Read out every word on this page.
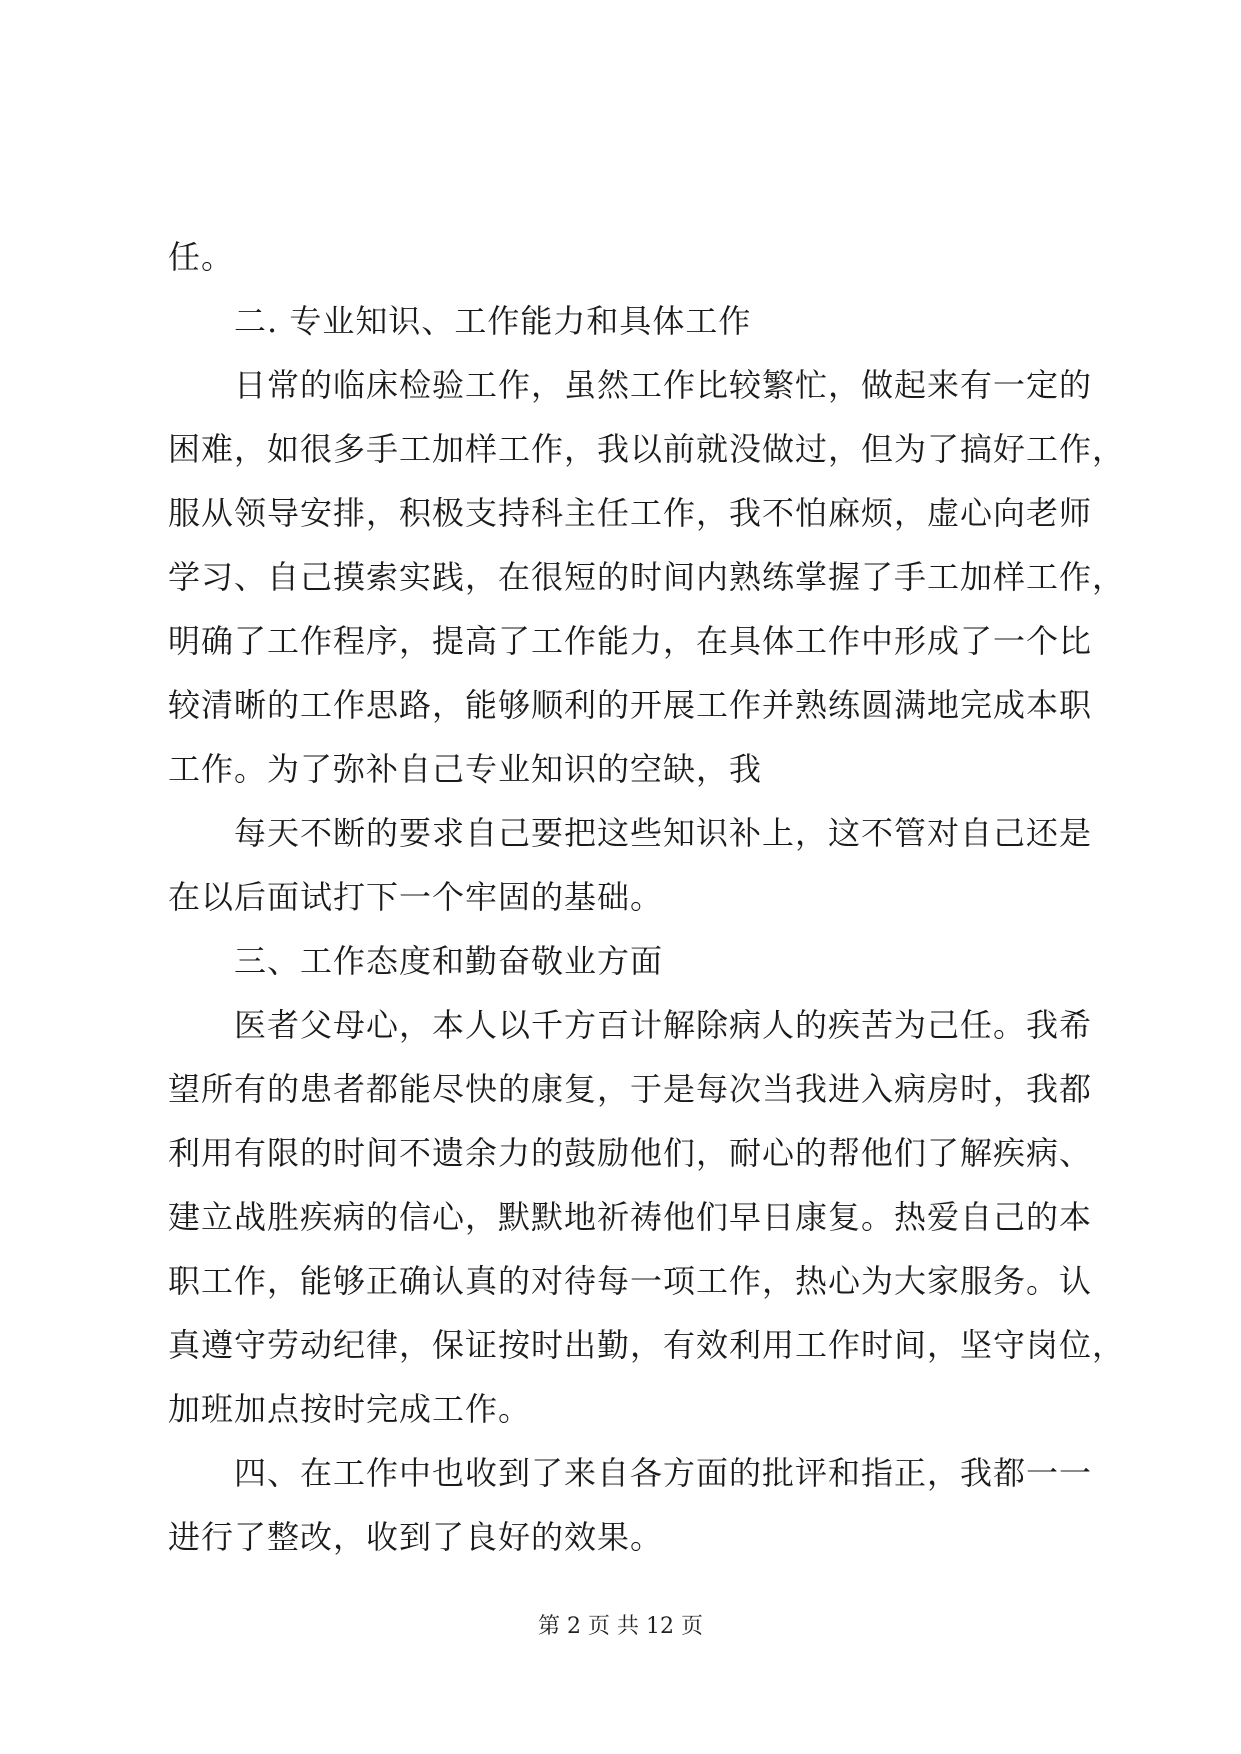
任。
二. 专业知识、工作能力和具体工作
日常的临床检验工作，虽然工作比较繁忙，做起来有一定的
困难，如很多手工加样工作，我以前就没做过，但为了搞好工作，
服从领导安排，积极支持科主任工作，我不怕麻烦，虚心向老师
学习、自己摸索实践，在很短的时间内熟练掌握了手工加样工作，
明确了工作程序，提高了工作能力，在具体工作中形成了一个比
较清晰的工作思路，能够顺利的开展工作并熟练圆满地完成本职
工作。为了弥补自己专业知识的空缺，我
每天不断的要求自己要把这些知识补上，这不管对自己还是
在以后面试打下一个牢固的基础。
三、工作态度和勤奋敬业方面
医者父母心，本人以千方百计解除病人的疾苦为己任。我希
望所有的患者都能尽快的康复，于是每次当我进入病房时，我都
利用有限的时间不遗余力的鼓励他们，耐心的帮他们了解疾病、
建立战胜疾病的信心，默默地祈祷他们早日康复。热爱自己的本
职工作，能够正确认真的对待每一项工作，热心为大家服务。认
真遵守劳动纪律，保证按时出勤，有效利用工作时间，坚守岗位，
加班加点按时完成工作。
四、在工作中也收到了来自各方面的批评和指正，我都一一
进行了整改，收到了良好的效果。
第 2 页 共 12 页
